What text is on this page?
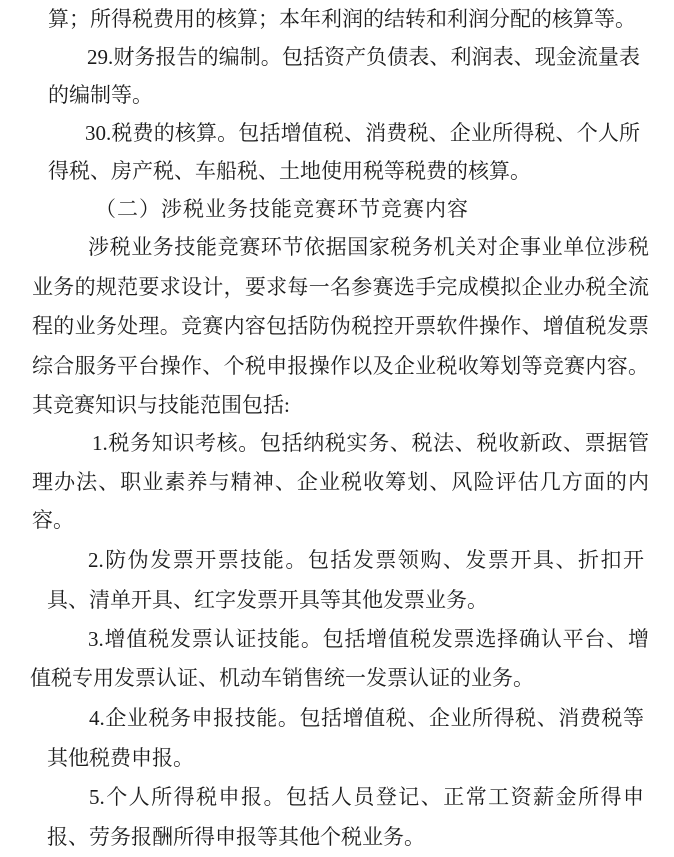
算；所得税费用的核算；本年利润的结转和利润分配的核算等。

29.财务报告的编制。包括资产负债表、利润表、现金流量表的编制等。

30.税费的核算。包括增值税、消费税、企业所得税、个人所得税、房产税、车船税、土地使用税等税费的核算。

（二）涉税业务技能竞赛环节竞赛内容

涉税业务技能竞赛环节依据国家税务机关对企事业单位涉税业务的规范要求设计，要求每一名参赛选手完成模拟企业办税全流程的业务处理。竞赛内容包括防伪税控开票软件操作、增值税发票综合服务平台操作、个税申报操作以及企业税收筹划等竞赛内容。其竞赛知识与技能范围包括:

1.税务知识考核。包括纳税实务、税法、税收新政、票据管理办法、职业素养与精神、企业税收筹划、风险评估几方面的内容。

2.防伪发票开票技能。包括发票领购、发票开具、折扣开具、清单开具、红字发票开具等其他发票业务。

3.增值税发票认证技能。包括增值税发票选择确认平台、增值税专用发票认证、机动车销售统一发票认证的业务。

4.企业税务申报技能。包括增值税、企业所得税、消费税等其他税费申报。

5.个人所得税申报。包括人员登记、正常工资薪金所得申报、劳务报酬所得申报等其他个税业务。
